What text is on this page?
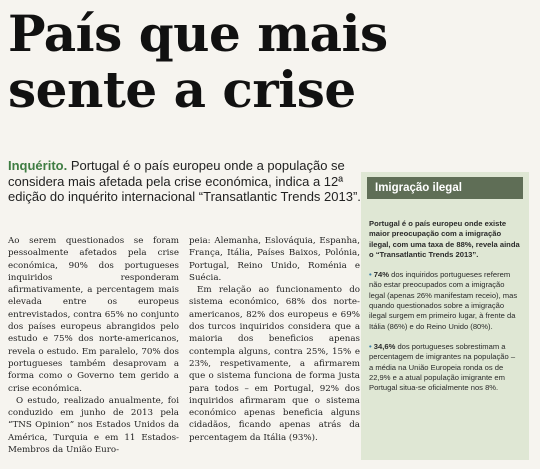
País que mais
sente a crise
Inquérito. Portugal é o país europeu onde a população se considera mais afetada pela crise económica, indica a 12ª edição do inquérito internacional “Transatlantic Trends 2013”.

Ao serem questionados se foram pessoalmente afetados pela crise económica, 90% dos portugueses inquiridos responderam afirmativamente, a percentagem mais elevada entre os europeus entrevistados, contra 65% no conjunto dos países europeus abrangidos pelo estudo e 75% dos norte-americanos, revela o estudo. Em paralelo, 70% dos portugueses também desaprovam a forma como o Governo tem gerido a crise económica.

O estudo, realizado anualmente, foi conduzido em junho de 2013 pela “TNS Opinion” nos Estados Unidos da América, Turquia e em 11 Estados-Membros da União Euro-

peia: Alemanha, Eslováquia, Espanha, França, Itália, Países Baixos, Polónia, Portugal, Reino Unido, Roménia e Suécia.

Em relação ao funcionamento do sistema económico, 68% dos norte-americanos, 82% dos europeus e 69% dos turcos inquiridos considera que a maioria dos beneficios apenas contempla alguns, contra 25%, 15% e 23%, respetivamente, a afirmarem que o sistema funciona de forma justa para todos – em Portugal, 92% dos inquiridos afirmaram que o sistema económico apenas beneficia alguns cidadãos, ficando apenas atrás da percentagem da Itália (93%).

Imigração ilegal
Portugal é o país europeu onde existe maior preocupação com a imigração ilegal, com uma taxa de 88%, revela ainda o “Transatlantic Trends 2013”.
• 74% dos inquiridos portugueses referem não estar preocupados com a imigração legal (apenas 26% manifestam receio), mas quando questionados sobre a imigração ilegal surgem em primeiro lugar, à frente da Itália (86%) e do Reino Unido (80%).
• 34,6% dos portugueses sobrestimam a percentagem de imigrantes na população – a média na União Europeia ronda os de 22,9% e a atual população imigrante em Portugal situa-se oficialmente nos 8%.
